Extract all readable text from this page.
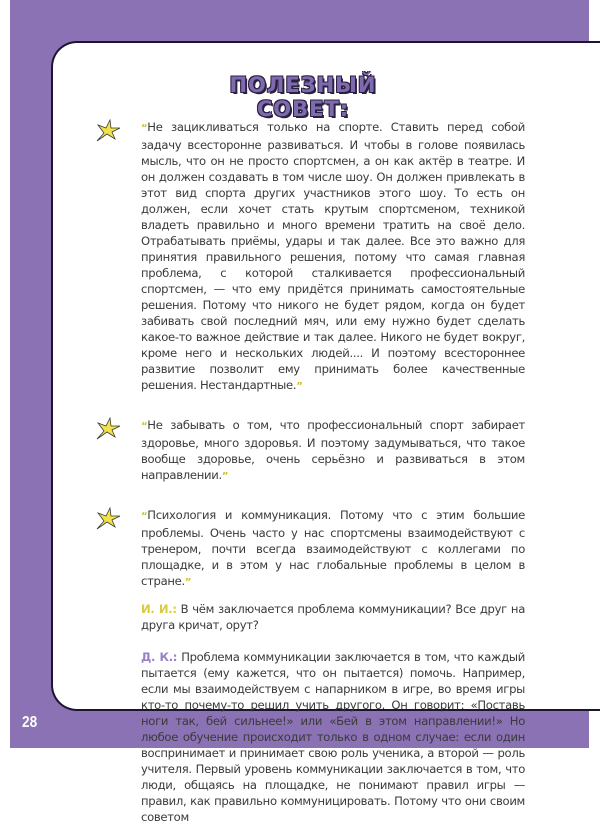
ПОЛЕЗНЫЙ СОВЕТ:

“Не зацикливаться только на спорте. Ставить перед собой задачу всесторонне развиваться. И чтобы в голове появилась мысль, что он не просто спортсмен, а он как актёр в театре. И он должен создавать в том числе шоу. Он должен привлекать в этот вид спорта других участников этого шоу. То есть он должен, если хочет стать крутым спортсменом, техникой владеть правильно и много времени тратить на своё дело. Отрабатывать приёмы, удары и так далее. Все это важно для принятия правильного решения, потому что самая главная проблема, с которой сталкивается профессиональный спортсмен, — что ему придётся принимать самостоятельные решения. Потому что никого не будет рядом, когда он будет забивать свой последний мяч, или ему нужно будет сделать какое-то важное действие и так далее. Никого не будет вокруг, кроме него и нескольких людей.... И поэтому всестороннее развитие позволит ему принимать более качественные решения. Нестандартные.”

“Не забывать о том, что профессиональный спорт забирает здоровье, много здоровья. И поэтому задумываться, что такое вообще здоровье, очень серьёзно и развиваться в этом направлении.”

“Психология и коммуникация. Потому что с этим большие проблемы. Очень часто у нас спортсмены взаимодействуют с тренером, почти всегда взаимодействуют с коллегами по площадке, и в этом у нас глобальные проблемы в целом в стране.”

И. И.: В чём заключается проблема коммуникации? Все друг на друга кричат, орут?

Д. К.: Проблема коммуникации заключается в том, что каждый пытается (ему кажется, что он пытается) помочь. Например, если мы взаимодействуем с напарником в игре, во время игры кто-то почему-то решил учить другого. Он говорит: «Поставь ноги так, бей сильнее!» или «Бей в этом направлении!» Но любое обучение происходит только в одном случае: если один воспринимает и принимает свою роль ученика, а второй — роль учителя. Первый уровень коммуникации заключается в том, что люди, общаясь на площадке, не понимают правил игры — правил, как правильно коммуницировать. Потому что они своим советом

28
